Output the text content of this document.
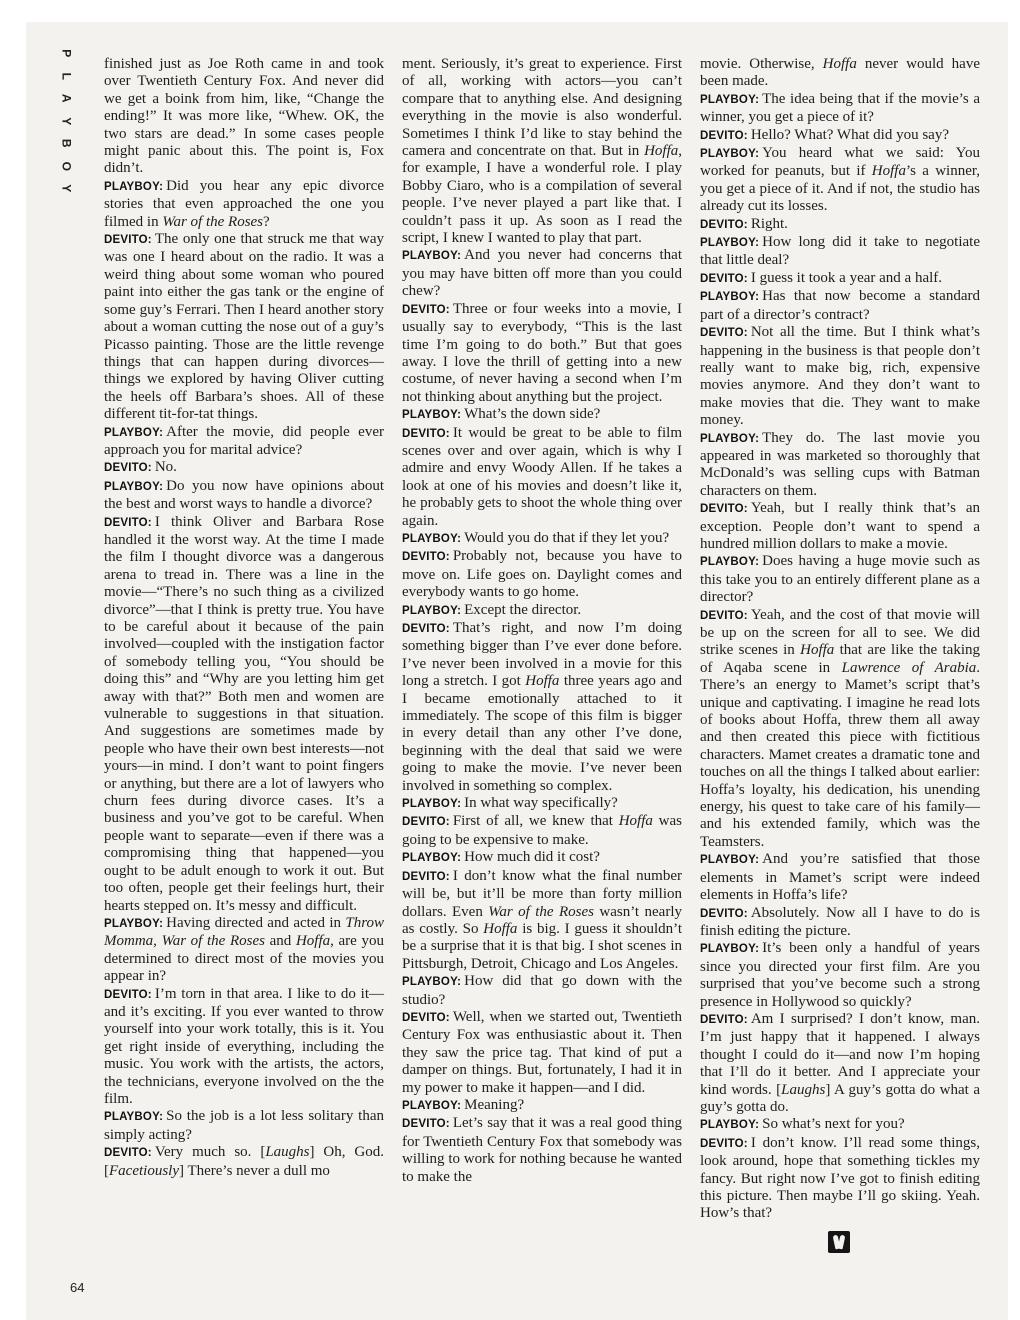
P
L
A
Y
B
O
Y
64

finished just as Joe Roth came in and took over Twentieth Century Fox. And never did we get a boink from him, like, “Change the ending!” It was more like, “Whew. OK, the two stars are dead.” In some cases people might panic about this. The point is, Fox didn’t.

PLAYBOY: Did you hear any epic divorce stories that even approached the one you filmed in War of the Roses?

DEVITO: The only one that struck me that way was one I heard about on the radio. It was a weird thing about some woman who poured paint into either the gas tank or the engine of some guy’s Ferrari. Then I heard another story about a woman cutting the nose out of a guy’s Picasso painting. Those are the little revenge things that can happen during divorces—things we explored by having Oliver cutting the heels off Barbara’s shoes. All of these different tit-for-tat things.

PLAYBOY: After the movie, did people ever approach you for marital advice?

DEVITO: No.

PLAYBOY: Do you now have opinions about the best and worst ways to handle a divorce?

DEVITO: I think Oliver and Barbara Rose handled it the worst way. At the time I made the film I thought divorce was a dangerous arena to tread in. There was a line in the movie—“There’s no such thing as a civilized divorce”—that I think is pretty true. You have to be careful about it because of the pain involved—coupled with the instigation factor of somebody telling you, “You should be doing this” and “Why are you letting him get away with that?” Both men and women are vulnerable to suggestions in that situation. And suggestions are sometimes made by people who have their own best interests—not yours—in mind. I don’t want to point fingers or anything, but there are a lot of lawyers who churn fees during divorce cases. It’s a business and you’ve got to be careful. When people want to separate—even if there was a compromising thing that happened—you ought to be adult enough to work it out. But too often, people get their feelings hurt, their hearts stepped on. It’s messy and difficult.

PLAYBOY: Having directed and acted in Throw Momma, War of the Roses and Hoffa, are you determined to direct most of the movies you appear in?

DEVITO: I’m torn in that area. I like to do it—and it’s exciting. If you ever wanted to throw yourself into your work totally, this is it. You get right inside of everything, including the music. You work with the artists, the actors, the technicians, everyone involved on the the film.

PLAYBOY: So the job is a lot less solitary than simply acting?

DEVITO: Very much so. [Laughs] Oh, God. [Facetiously] There’s never a dull mo

ment. Seriously, it’s great to experience. First of all, working with actors—you can’t compare that to anything else. And designing everything in the movie is also wonderful. Sometimes I think I’d like to stay behind the camera and concentrate on that. But in Hoffa, for example, I have a wonderful role. I play Bobby Ciaro, who is a compilation of several people. I’ve never played a part like that. I couldn’t pass it up. As soon as I read the script, I knew I wanted to play that part.

PLAYBOY: And you never had concerns that you may have bitten off more than you could chew?

DEVITO: Three or four weeks into a movie, I usually say to everybody, “This is the last time I’m going to do both.” But that goes away. I love the thrill of getting into a new costume, of never having a second when I’m not thinking about anything but the project.

PLAYBOY: What’s the down side?

DEVITO: It would be great to be able to film scenes over and over again, which is why I admire and envy Woody Allen. If he takes a look at one of his movies and doesn’t like it, he probably gets to shoot the whole thing over again.

PLAYBOY: Would you do that if they let you?

DEVITO: Probably not, because you have to move on. Life goes on. Daylight comes and everybody wants to go home.

PLAYBOY: Except the director.

DEVITO: That’s right, and now I’m doing something bigger than I’ve ever done before. I’ve never been involved in a movie for this long a stretch. I got Hoffa three years ago and I became emotionally attached to it immediately. The scope of this film is bigger in every detail than any other I’ve done, beginning with the deal that said we were going to make the movie. I’ve never been involved in something so complex.

PLAYBOY: In what way specifically?

DEVITO: First of all, we knew that Hoffa was going to be expensive to make.

PLAYBOY: How much did it cost?

DEVITO: I don’t know what the final number will be, but it’ll be more than forty million dollars. Even War of the Roses wasn’t nearly as costly. So Hoffa is big. I guess it shouldn’t be a surprise that it is that big. I shot scenes in Pittsburgh, Detroit, Chicago and Los Angeles.

PLAYBOY: How did that go down with the studio?

DEVITO: Well, when we started out, Twentieth Century Fox was enthusiastic about it. Then they saw the price tag. That kind of put a damper on things. But, fortunately, I had it in my power to make it happen—and I did.

PLAYBOY: Meaning?

DEVITO: Let’s say that it was a real good thing for Twentieth Century Fox that somebody was willing to work for nothing because he wanted to make the

movie. Otherwise, Hoffa never would have been made.

PLAYBOY: The idea being that if the movie’s a winner, you get a piece of it?

DEVITO: Hello? What? What did you say?

PLAYBOY: You heard what we said: You worked for peanuts, but if Hoffa’s a winner, you get a piece of it. And if not, the studio has already cut its losses.

DEVITO: Right.

PLAYBOY: How long did it take to negotiate that little deal?

DEVITO: I guess it took a year and a half.

PLAYBOY: Has that now become a standard part of a director’s contract?

DEVITO: Not all the time. But I think what’s happening in the business is that people don’t really want to make big, rich, expensive movies anymore. And they don’t want to make movies that die. They want to make money.

PLAYBOY: They do. The last movie you appeared in was marketed so thoroughly that McDonald’s was selling cups with Batman characters on them.

DEVITO: Yeah, but I really think that’s an exception. People don’t want to spend a hundred million dollars to make a movie.

PLAYBOY: Does having a huge movie such as this take you to an entirely different plane as a director?

DEVITO: Yeah, and the cost of that movie will be up on the screen for all to see. We did strike scenes in Hoffa that are like the taking of Aqaba scene in Lawrence of Arabia. There’s an energy to Mamet’s script that’s unique and captivating. I imagine he read lots of books about Hoffa, threw them all away and then created this piece with fictitious characters. Mamet creates a dramatic tone and touches on all the things I talked about earlier: Hoffa’s loyalty, his dedication, his unending energy, his quest to take care of his family—and his extended family, which was the Teamsters.

PLAYBOY: And you’re satisfied that those elements in Mamet’s script were indeed elements in Hoffa’s life?

DEVITO: Absolutely. Now all I have to do is finish editing the picture.

PLAYBOY: It’s been only a handful of years since you directed your first film. Are you surprised that you’ve become such a strong presence in Hollywood so quickly?

DEVITO: Am I surprised? I don’t know, man. I’m just happy that it happened. I always thought I could do it—and now I’m hoping that I’ll do it better. And I appreciate your kind words. [Laughs] A guy’s gotta do what a guy’s gotta do.

PLAYBOY: So what’s next for you?

DEVITO: I don’t know. I’ll read some things, look around, hope that something tickles my fancy. But right now I’ve got to finish editing this picture. Then maybe I’ll go skiing. Yeah. How’s that?
